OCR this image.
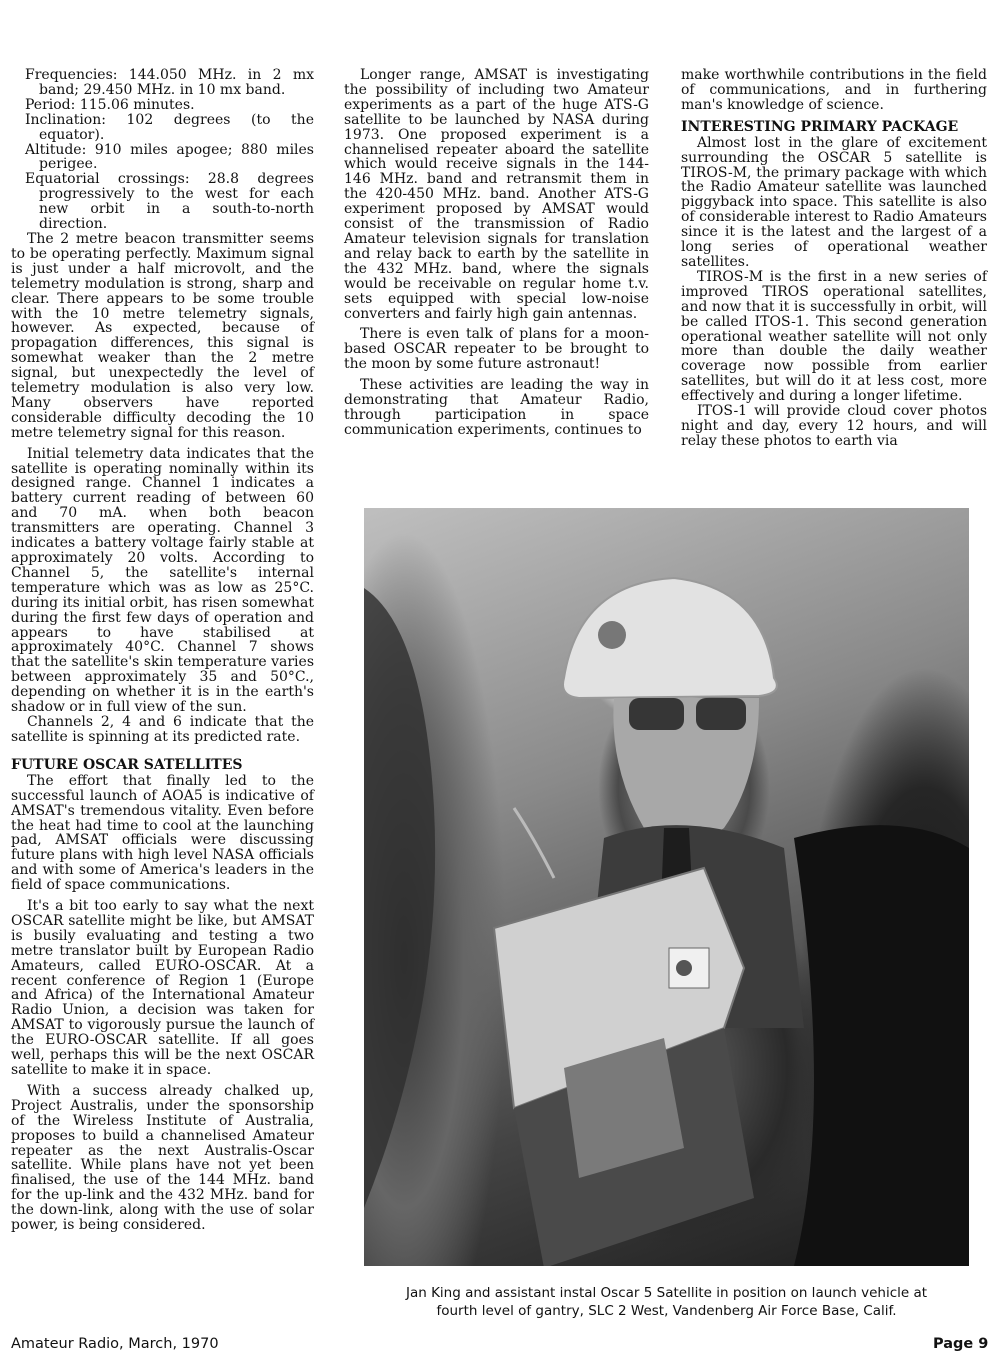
Frequencies: 144.050 MHz. in 2 mx band; 29.450 MHz. in 10 mx band.
Period: 115.06 minutes.
Inclination: 102 degrees (to the equator).
Altitude: 910 miles apogee; 880 miles perigee.
Equatorial crossings: 28.8 degrees progressively to the west for each new orbit in a south-to-north direction.

The 2 metre beacon transmitter seems to be operating perfectly. Maximum signal is just under a half microvolt, and the telemetry modulation is strong, sharp and clear. There appears to be some trouble with the 10 metre telemetry signals, however. As expected, because of propagation differences, this signal is somewhat weaker than the 2 metre signal, but unexpectedly the level of telemetry modulation is also very low. Many observers have reported considerable difficulty decoding the 10 metre telemetry signal for this reason.

Initial telemetry data indicates that the satellite is operating nominally within its designed range. Channel 1 indicates a battery current reading of between 60 and 70 mA. when both beacon transmitters are operating. Channel 3 indicates a battery voltage fairly stable at approximately 20 volts. According to Channel 5, the satellite's internal temperature which was as low as 25°C. during its initial orbit, has risen somewhat during the first few days of operation and appears to have stabilised at approximately 40°C. Channel 7 shows that the satellite's skin temperature varies between approximately 35 and 50°C., depending on whether it is in the earth's shadow or in full view of the sun.

Channels 2, 4 and 6 indicate that the satellite is spinning at its predicted rate.

FUTURE OSCAR SATELLITES

The effort that finally led to the successful launch of AOA5 is indicative of AMSAT's tremendous vitality. Even before the heat had time to cool at the launching pad, AMSAT officials were discussing future plans with high level NASA officials and with some of America's leaders in the field of space communications.

It's a bit too early to say what the next OSCAR satellite might be like, but AMSAT is busily evaluating and testing a two metre translator built by European Radio Amateurs, called EURO-OSCAR. At a recent conference of Region 1 (Europe and Africa) of the International Amateur Radio Union, a decision was taken for AMSAT to vigorously pursue the launch of the EURO-OSCAR satellite. If all goes well, perhaps this will be the next OSCAR satellite to make it in space.

With a success already chalked up, Project Australis, under the sponsorship of the Wireless Institute of Australia, proposes to build a channelised Amateur repeater as the next Australis-Oscar satellite. While plans have not yet been finalised, the use of the 144 MHz. band for the up-link and the 432 MHz. band for the down-link, along with the use of solar power, is being considered.

Longer range, AMSAT is investigating the possibility of including two Amateur experiments as a part of the huge ATS-G satellite to be launched by NASA during 1973. One proposed experiment is a channelised repeater aboard the satellite which would receive signals in the 144-146 MHz. band and retransmit them in the 420-450 MHz. band. Another ATS-G experiment proposed by AMSAT would consist of the transmission of Radio Amateur television signals for translation and relay back to earth by the satellite in the 432 MHz. band, where the signals would be receivable on regular home t.v. sets equipped with special low-noise converters and fairly high gain antennas.

There is even talk of plans for a moon-based OSCAR repeater to be brought to the moon by some future astronaut!

These activities are leading the way in demonstrating that Amateur Radio, through participation in space communication experiments, continues to

make worthwhile contributions in the field of communications, and in furthering man's knowledge of science.

INTERESTING PRIMARY PACKAGE

Almost lost in the glare of excitement surrounding the OSCAR 5 satellite is TIROS-M, the primary package with which the Radio Amateur satellite was launched piggyback into space. This satellite is also of considerable interest to Radio Amateurs since it is the latest and the largest of a long series of operational weather satellites.

TIROS-M is the first in a new series of improved TIROS operational satellites, and now that it is successfully in orbit, will be called ITOS-1. This second generation operational weather satellite will not only more than double the daily weather coverage now possible from earlier satellites, but will do it at less cost, more effectively and during a longer lifetime.

ITOS-1 will provide cloud cover photos night and day, every 12 hours, and will relay these photos to earth via

Jan King and assistant instal Oscar 5 Satellite in position on launch vehicle at
fourth level of gantry, SLC 2 West, Vandenberg Air Force Base, Calif.
Amateur Radio, March, 1970	Page 9
